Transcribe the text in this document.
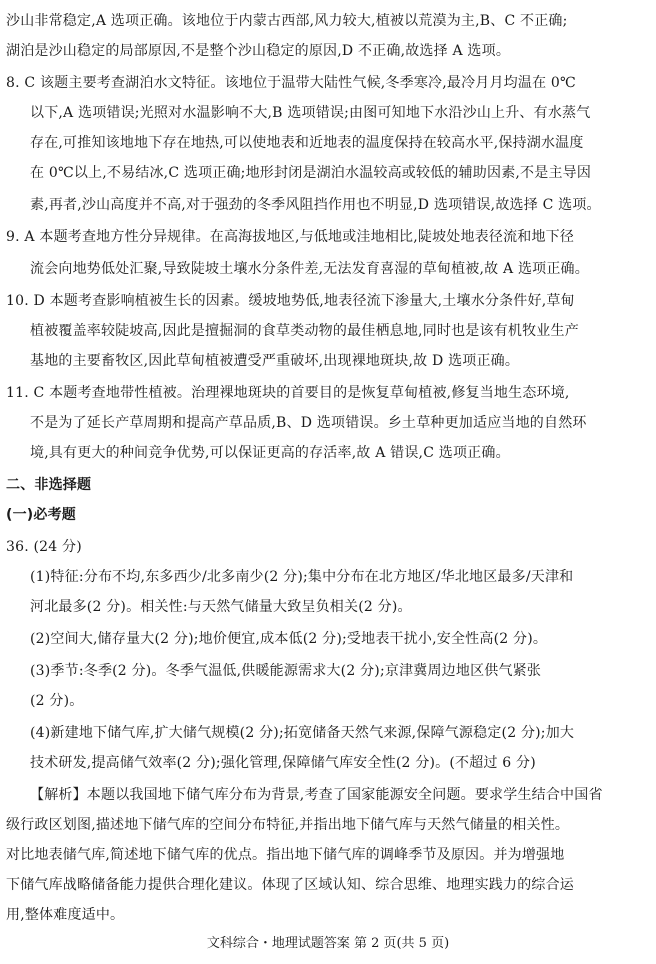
沙山非常稳定,A 选项正确。该地位于内蒙古西部,风力较大,植被以荒漠为主,B、C 不正确;
湖泊是沙山稳定的局部原因,不是整个沙山稳定的原因,D 不正确,故选择 A 选项。
8. C 该题主要考查湖泊水文特征。该地位于温带大陆性气候,冬季寒冷,最冷月月均温在 0℃
以下,A 选项错误;光照对水温影响不大,B 选项错误;由图可知地下水沿沙山上升、有水蒸气
存在,可推知该地地下存在地热,可以使地表和近地表的温度保持在较高水平,保持湖水温度
在 0℃以上,不易结冰,C 选项正确;地形封闭是湖泊水温较高或较低的辅助因素,不是主导因
素,再者,沙山高度并不高,对于强劲的冬季风阻挡作用也不明显,D 选项错误,故选择 C 选项。
9. A 本题考查地方性分异规律。在高海拔地区,与低地或洼地相比,陡坡处地表径流和地下径
流会向地势低处汇聚,导致陡坡土壤水分条件差,无法发育喜湿的草甸植被,故 A 选项正确。
10. D 本题考查影响植被生长的因素。缓坡地势低,地表径流下渗量大,土壤水分条件好,草甸
植被覆盖率较陡坡高,因此是擅掘洞的食草类动物的最佳栖息地,同时也是该有机牧业生产
基地的主要畜牧区,因此草甸植被遭受严重破坏,出现裸地斑块,故 D 选项正确。
11. C 本题考查地带性植被。治理裸地斑块的首要目的是恢复草甸植被,修复当地生态环境,
不是为了延长产草周期和提高产草品质,B、D 选项错误。乡土草种更加适应当地的自然环
境,具有更大的种间竞争优势,可以保证更高的存活率,故 A 错误,C 选项正确。
二、非选择题
(一)必考题
36. (24 分)
(1)特征:分布不均,东多西少/北多南少(2 分);集中分布在北方地区/华北地区最多/天津和
河北最多(2 分)。相关性:与天然气储量大致呈负相关(2 分)。
(2)空间大,储存量大(2 分);地价便宜,成本低(2 分);受地表干扰小,安全性高(2 分)。
(3)季节:冬季(2 分)。冬季气温低,供暖能源需求大(2 分);京津冀周边地区供气紧张
(2 分)。
(4)新建地下储气库,扩大储气规模(2 分);拓宽储备天然气来源,保障气源稳定(2 分);加大
技术研发,提高储气效率(2 分);强化管理,保障储气库安全性(2 分)。(不超过 6 分)
【解析】本题以我国地下储气库分布为背景,考查了国家能源安全问题。要求学生结合中国省
级行政区划图,描述地下储气库的空间分布特征,并指出地下储气库与天然气储量的相关性。
对比地表储气库,简述地下储气库的优点。指出地下储气库的调峰季节及原因。并为增强地
下储气库战略储备能力提供合理化建议。体现了区域认知、综合思维、地理实践力的综合运
用,整体难度适中。
文科综合・地理试题答案 第 2 页(共 5 页)
